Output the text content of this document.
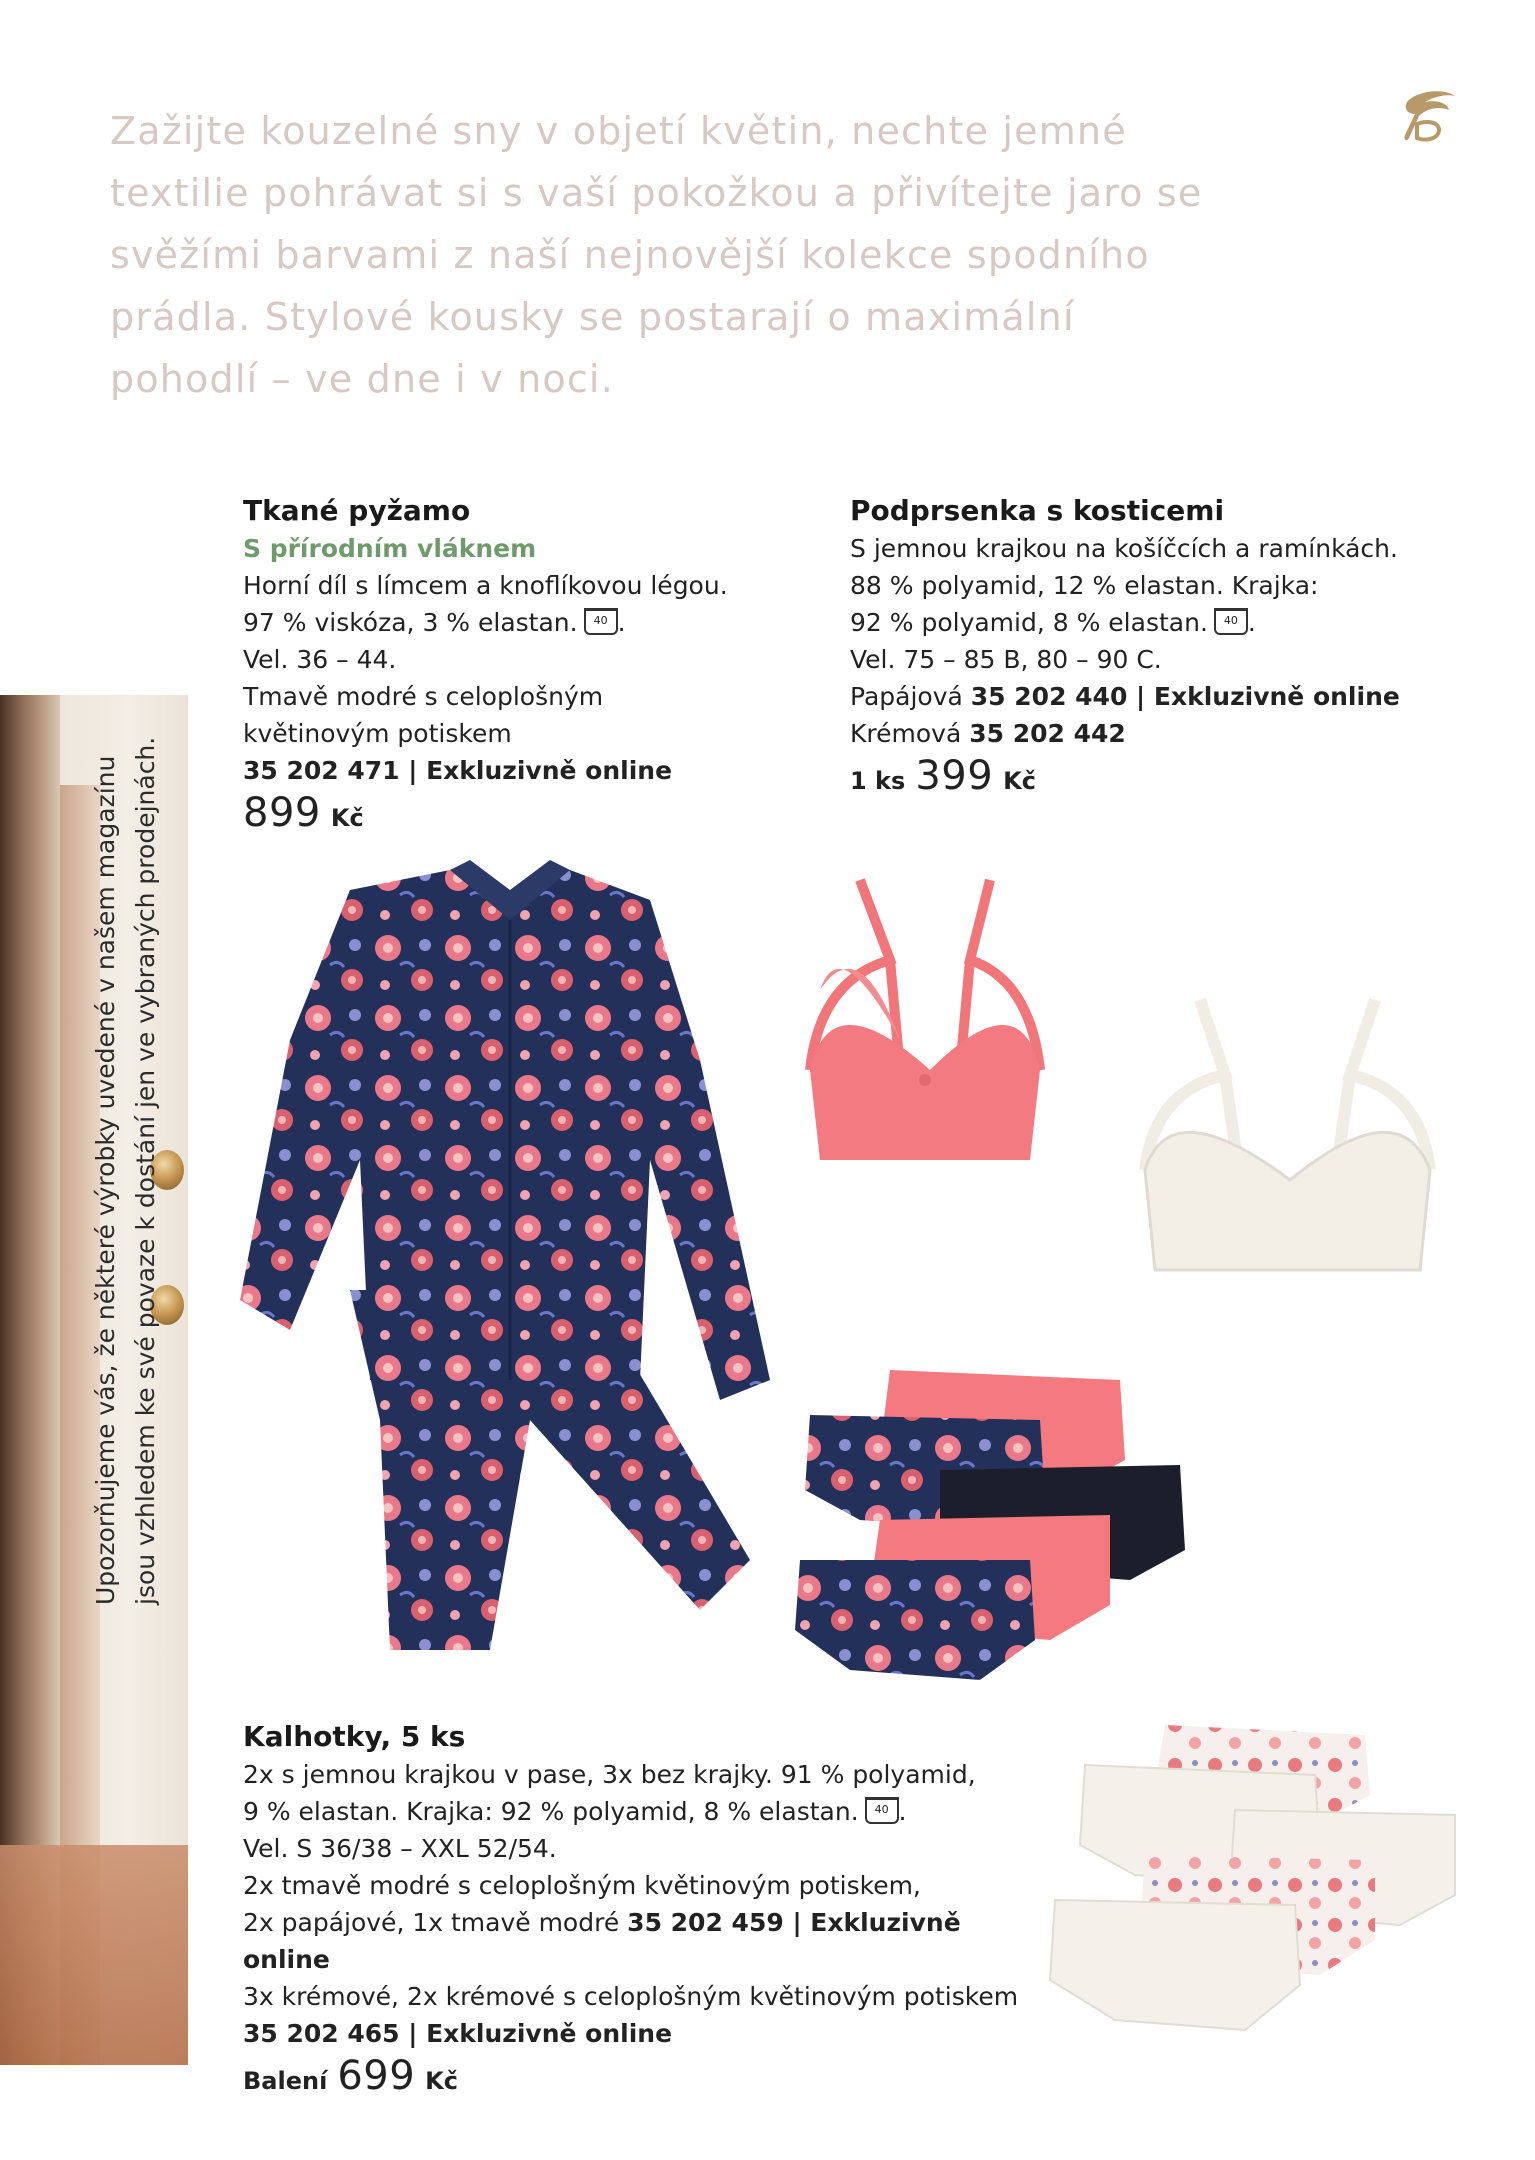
Zažijte kouzelné sny v objetí květin, nechte jemné textilie pohrávat si s vaší pokožkou a přivítejte jaro se svěžími barvami z naší nejnovější kolekce spodního prádla. Stylové kousky se postarají o maximální pohodlí – ve dne i v noci.

Upozorňujeme vás, že některé výrobky uvedené v našem magazínu jsou vzhledem ke své povaze k dostání jen ve vybraných prodejnách.

Tkané pyžamo

S přírodním vláknem

Horní díl s límcem a knoflíkovou légou.

97 % viskóza, 3 % elastan. 40 .

Vel. 36 – 44.

Tmavě modré s celoplošným

květinovým potiskem

35 202 471 | Exkluzivně online

899 Kč

Podprsenka s kosticemi

S jemnou krajkou na košíčcích a ramínkách.

88 % polyamid, 12 % elastan. Krajka:

92 % polyamid, 8 % elastan. 40 .

Vel. 75 – 85 B, 80 – 90 C.

Papájová 35 202 440 | Exkluzivně online

Krémová 35 202 442

1 ks 399 Kč

Kalhotky, 5 ks

2x s jemnou krajkou v pase, 3x bez krajky. 91 % polyamid,

9 % elastan. Krajka: 92 % polyamid, 8 % elastan. 40 .

Vel. S 36/38 – XXL 52/54.

2x tmavě modré s celoplošným květinovým potiskem,

2x papájové, 1x tmavě modré 35 202 459 | Exkluzivně online

3x krémové, 2x krémové s celoplošným květinovým potiskem

35 202 465 | Exkluzivně online

Balení 699 Kč
